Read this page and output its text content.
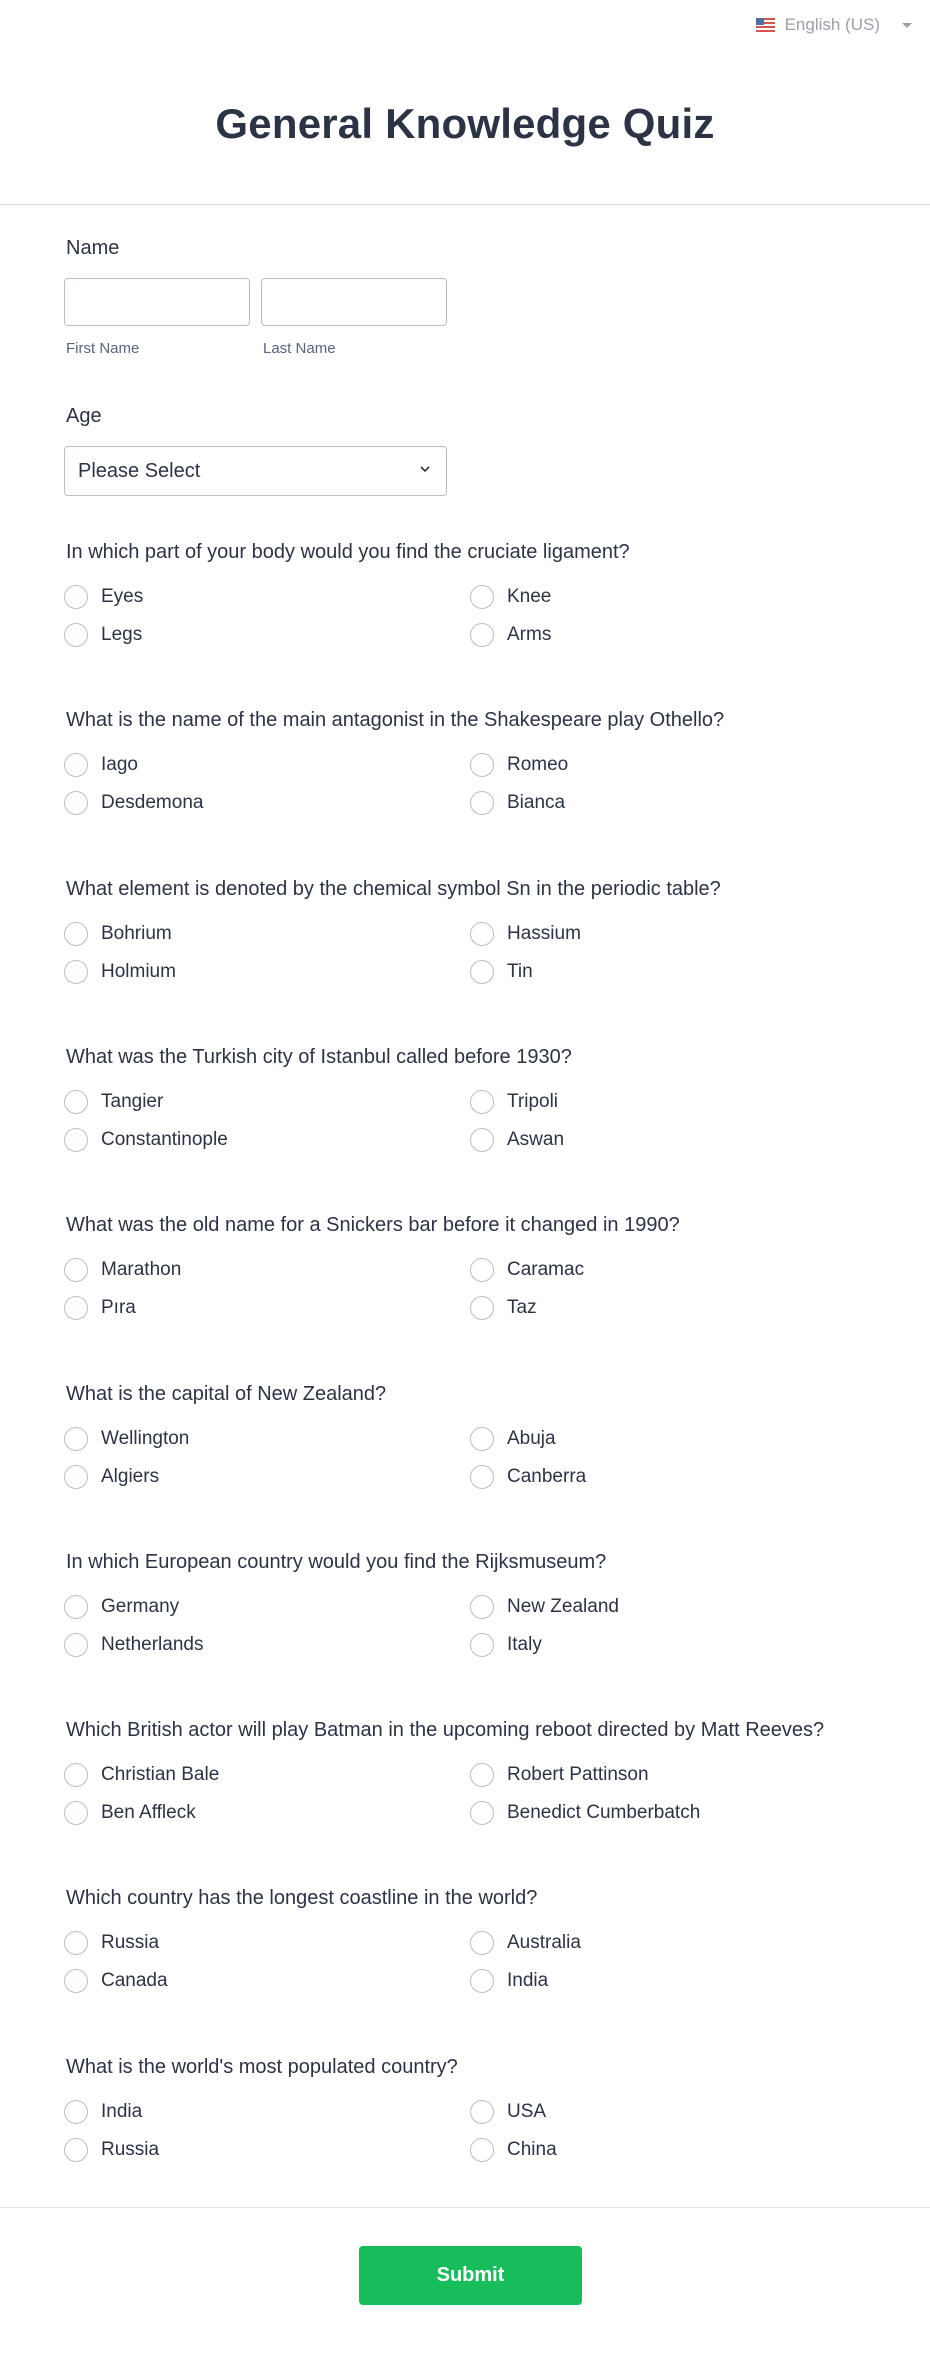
English (US)
General Knowledge Quiz
Name
First Name	Last Name
Age
Please Select
In which part of your body would you find the cruciate ligament?
Eyes	Knee
Legs	Arms
What is the name of the main antagonist in the Shakespeare play Othello?
Iago	Romeo
Desdemona	Bianca
What element is denoted by the chemical symbol Sn in the periodic table?
Bohrium	Hassium
Holmium	Tin
What was the Turkish city of Istanbul called before 1930?
Tangier	Tripoli
Constantinople	Aswan
What was the old name for a Snickers bar before it changed in 1990?
Marathon	Caramac
Pıra	Taz
What is the capital of New Zealand?
Wellington	Abuja
Algiers	Canberra
In which European country would you find the Rijksmuseum?
Germany	New Zealand
Netherlands	Italy
Which British actor will play Batman in the upcoming reboot directed by Matt Reeves?
Christian Bale	Robert Pattinson
Ben Affleck	Benedict Cumberbatch
Which country has the longest coastline in the world?
Russia	Australia
Canada	India
What is the world's most populated country?
India	USA
Russia	China
Submit
